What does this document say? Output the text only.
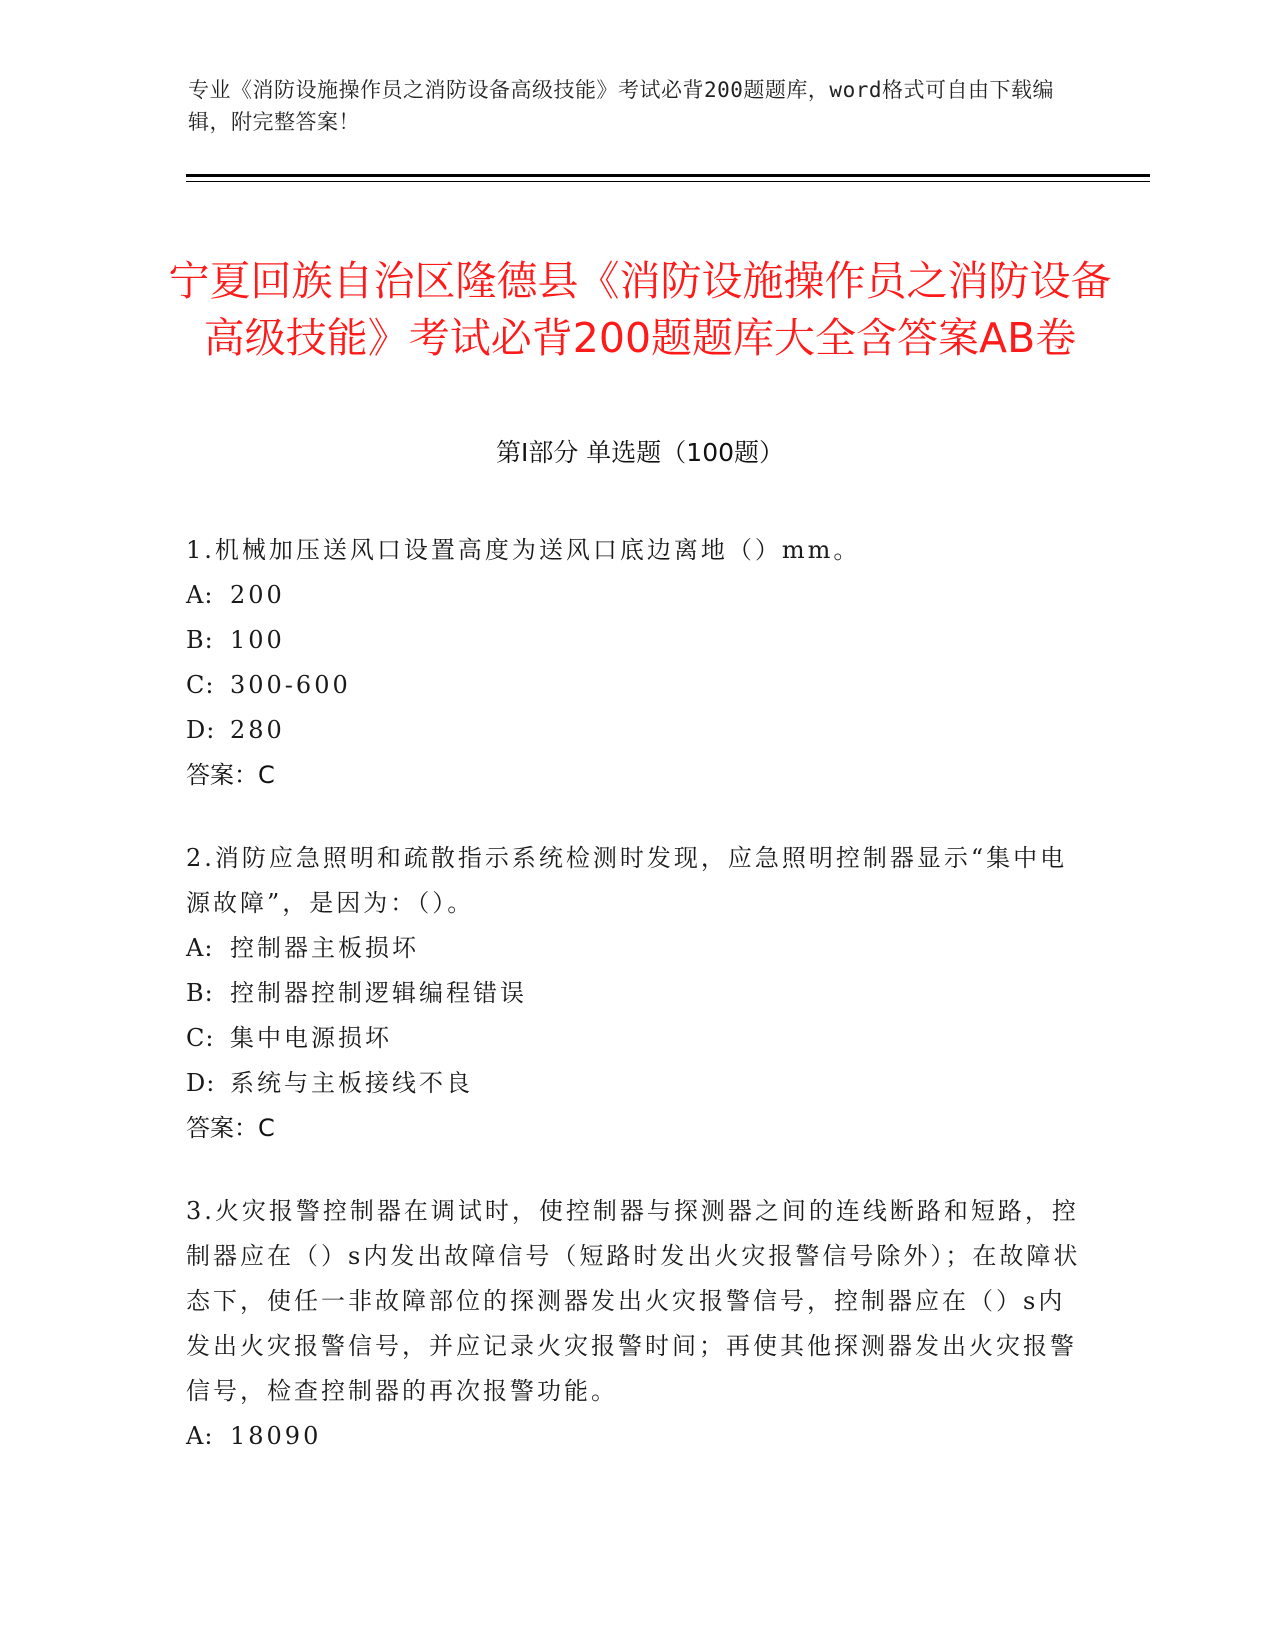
专业《消防设施操作员之消防设备高级技能》考试必背200题题库，word格式可自由下载编辑，附完整答案！
宁夏回族自治区隆德县《消防设施操作员之消防设备高级技能》考试必背200题题库大全含答案AB卷
第I部分 单选题（100题）
1.机械加压送风口设置高度为送风口底边离地（）mm。
A: 200
B: 100
C: 300-600
D: 280
答案：C
2.消防应急照明和疏散指示系统检测时发现，应急照明控制器显示“集中电源故障”，是因为：（）。
A: 控制器主板损坏
B: 控制器控制逻辑编程错误
C: 集中电源损坏
D: 系统与主板接线不良
答案：C
3.火灾报警控制器在调试时，使控制器与探测器之间的连线断路和短路，控制器应在（）s内发出故障信号（短路时发出火灾报警信号除外）；在故障状态下，使任一非故障部位的探测器发出火灾报警信号，控制器应在（）s内发出火灾报警信号，并应记录火灾报警时间；再使其他探测器发出火灾报警信号，检查控制器的再次报警功能。
A: 18090
